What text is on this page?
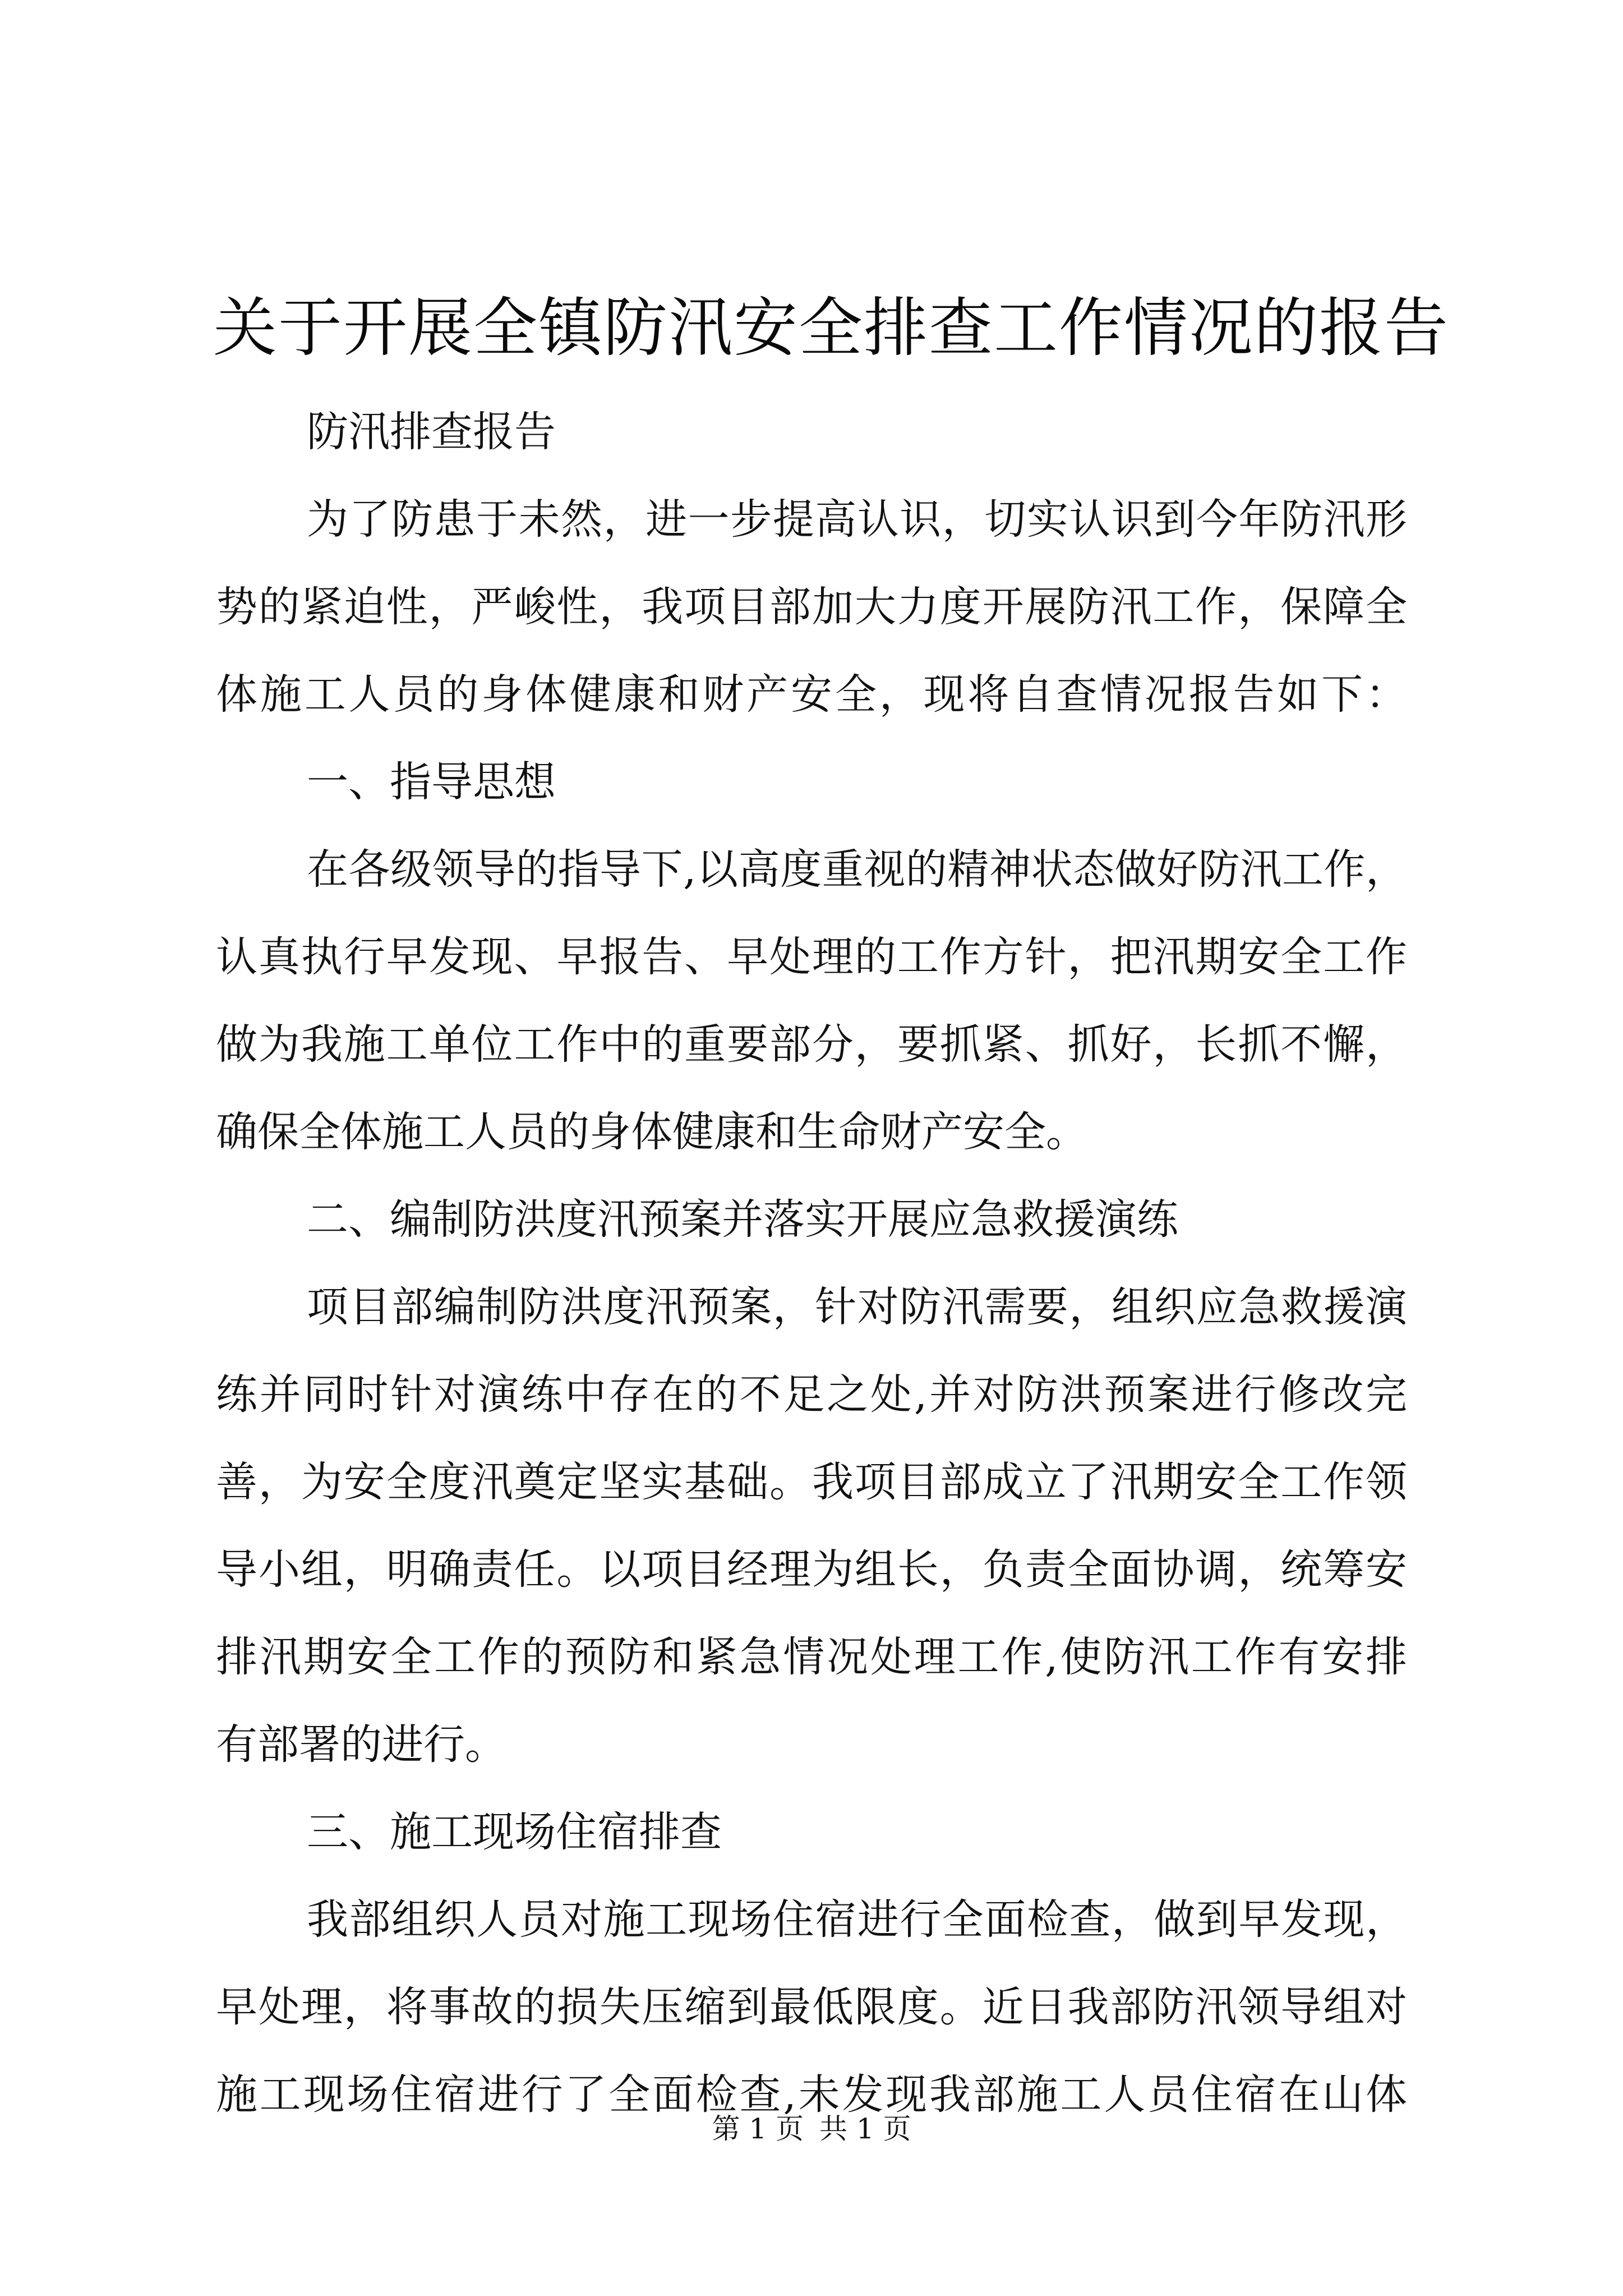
关于开展全镇防汛安全排查工作情况的报告

防汛排查报告

为了防患于未然，进一步提高认识，切实认识到今年防汛形

势的紧迫性，严峻性，我项目部加大力度开展防汛工作，保障全

体施工人员的身体健康和财产安全，现将自查情况报告如下：

一、指导思想

在各级领导的指导下,以高度重视的精神状态做好防汛工作，

认真执行早发现、早报告、早处理的工作方针，把汛期安全工作

做为我施工单位工作中的重要部分，要抓紧、抓好，长抓不懈，

确保全体施工人员的身体健康和生命财产安全。

二、编制防洪度汛预案并落实开展应急救援演练

项目部编制防洪度汛预案，针对防汛需要，组织应急救援演

练并同时针对演练中存在的不足之处,并对防洪预案进行修改完

善，为安全度汛奠定坚实基础。我项目部成立了汛期安全工作领

导小组，明确责任。以项目经理为组长，负责全面协调，统筹安

排汛期安全工作的预防和紧急情况处理工作,使防汛工作有安排

有部署的进行。

三、施工现场住宿排查

我部组织人员对施工现场住宿进行全面检查，做到早发现，

早处理，将事故的损失压缩到最低限度。近日我部防汛领导组对

施工现场住宿进行了全面检查,未发现我部施工人员住宿在山体

第 1 页 共 1 页
